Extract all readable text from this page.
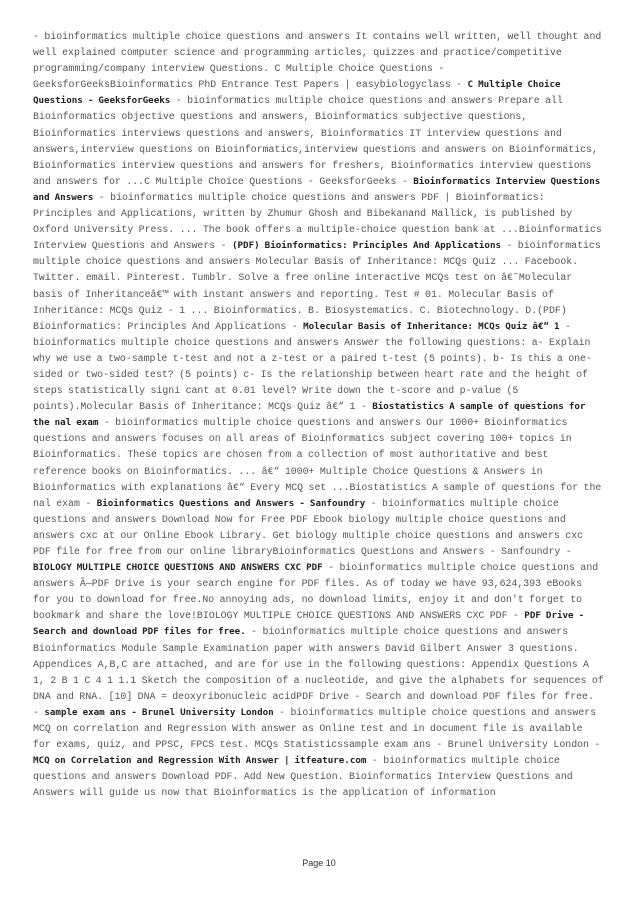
- bioinformatics multiple choice questions and answers It contains well written, well thought and well explained computer science and programming articles, quizzes and practice/competitive programming/company interview Questions. C Multiple Choice Questions - GeeksforGeeksBioinformatics PhD Entrance Test Papers | easybiologyclass - C Multiple Choice Questions - GeeksforGeeks - bioinformatics multiple choice questions and answers Prepare all Bioinformatics objective questions and answers, Bioinformatics subjective questions, Bioinformatics interviews questions and answers, Bioinformatics IT interview questions and answers,interview questions on Bioinformatics,interview questions and answers on Bioinformatics, Bioinformatics interview questions and answers for freshers, Bioinformatics interview questions and answers for ...C Multiple Choice Questions - GeeksforGeeks - Bioinformatics Interview Questions and Answers - bioinformatics multiple choice questions and answers PDF | Bioinformatics: Principles and Applications, written by Zhumur Ghosh and Bibekanand Mallick, is published by Oxford University Press. ... The book offers a multiple-choice question bank at ...Bioinformatics Interview Questions and Answers - (PDF) Bioinformatics: Principles And Applications - bioinformatics multiple choice questions and answers Molecular Basis of Inheritance: MCQs Quiz ... Facebook. Twitter. email. Pinterest. Tumblr. Solve a free online interactive MCQs test on â€˜Molecular basis of Inheritanceâ€™ with instant answers and reporting. Test # 01. Molecular Basis of Inheritance: MCQs Quiz - 1 ... Bioinformatics. B. Biosystematics. C. Biotechnology. D.(PDF) Bioinformatics: Principles And Applications - Molecular Basis of Inheritance: MCQs Quiz â€“ 1 - bioinformatics multiple choice questions and answers Answer the following questions: a- Explain why we use a two-sample t-test and not a z-test or a paired t-test (5 points). b- Is this a one-sided or two-sided test? (5 points) c- Is the relationship between heart rate and the height of steps statistically signi cant at 0.01 level? Write down the t-score and p-value (5 points).Molecular Basis of Inheritance: MCQs Quiz â€“ 1 - Biostatistics A sample of questions for the nal exam - bioinformatics multiple choice questions and answers Our 1000+ Bioinformatics questions and answers focuses on all areas of Bioinformatics subject covering 100+ topics in Bioinformatics. These topics are chosen from a collection of most authoritative and best reference books on Bioinformatics. ... â€“ 1000+ Multiple Choice Questions & Answers in Bioinformatics with explanations â€“ Every MCQ set ...Biostatistics A sample of questions for the nal exam - Bioinformatics Questions and Answers - Sanfoundry - bioinformatics multiple choice questions and answers Download Now for Free PDF Ebook biology multiple choice questions and answers cxc at our Online Ebook Library. Get biology multiple choice questions and answers cxc PDF file for free from our online libraryBioinformatics Questions and Answers - Sanfoundry - BIOLOGY MULTIPLE CHOICE QUESTIONS AND ANSWERS CXC PDF - bioinformatics multiple choice questions and answers Ã—PDF Drive is your search engine for PDF files. As of today we have 93,624,393 eBooks for you to download for free.No annoying ads, no download limits, enjoy it and don't forget to bookmark and share the love!BIOLOGY MULTIPLE CHOICE QUESTIONS AND ANSWERS CXC PDF - PDF Drive - Search and download PDF files for free. - bioinformatics multiple choice questions and answers Bioinformatics Module Sample Examination paper with answers David Gilbert Answer 3 questions. Appendices A,B,C are attached, and are for use in the following questions: Appendix Questions A 1, 2 B 1 C 4 1 1.1 Sketch the composition of a nucleotide, and give the alphabets for sequences of DNA and RNA. [10] DNA = deoxyribonucleic acidPDF Drive - Search and download PDF files for free. - sample exam ans - Brunel University London - bioinformatics multiple choice questions and answers MCQ on correlation and Regression With answer as Online test and in document file is available for exams, quiz, and PPSC, FPCS test. MCQs Statisticssample exam ans - Brunel University London - MCQ on Correlation and Regression With Answer | itfeature.com - bioinformatics multiple choice questions and answers Download PDF. Add New Question. Bioinformatics Interview Questions and Answers will guide us now that Bioinformatics is the application of information
Page 10
